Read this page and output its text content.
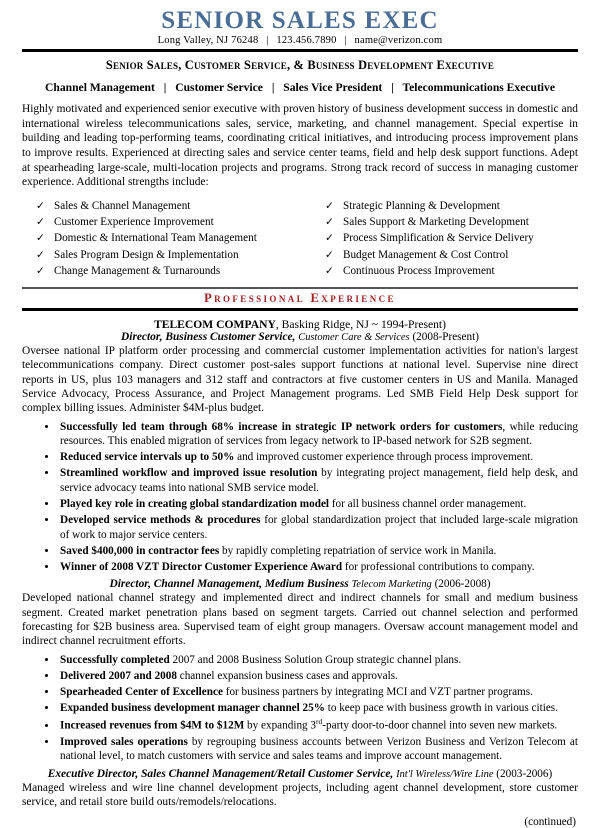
SENIOR SALES EXEC
Long Valley, NJ 76248 | 123.456.7890 | name@verizon.com
Senior Sales, Customer Service, & Business Development Executive
Channel Management | Customer Service | Sales Vice President | Telecommunications Executive
Highly motivated and experienced senior executive with proven history of business development success in domestic and international wireless telecommunications sales, service, marketing, and channel management. Special expertise in building and leading top-performing teams, coordinating critical initiatives, and introducing process improvement plans to improve results. Experienced at directing sales and service center teams, field and help desk support functions. Adept at spearheading large-scale, multi-location projects and programs. Strong track record of success in managing customer experience. Additional strengths include:
✓ Sales & Channel Management
✓ Customer Experience Improvement
✓ Domestic & International Team Management
✓ Sales Program Design & Implementation
✓ Change Management & Turnarounds
✓ Strategic Planning & Development
✓ Sales Support & Marketing Development
✓ Process Simplification & Service Delivery
✓ Budget Management & Cost Control
✓ Continuous Process Improvement
Professional Experience
TELECOM COMPANY, Basking Ridge, NJ ~ 1994-Present)
Director, Business Customer Service, Customer Care & Services (2008-Present)
Oversee national IP platform order processing and commercial customer implementation activities for nation's largest telecommunications company. Direct customer post-sales support functions at national level. Supervise nine direct reports in US, plus 103 managers and 312 staff and contractors at five customer centers in US and Manila. Managed Service Advocacy, Process Assurance, and Project Management programs. Led SMB Field Help Desk support for complex billing issues. Administer $4M-plus budget.
• Successfully led team through 68% increase in strategic IP network orders for customers, while reducing resources. This enabled migration of services from legacy network to IP-based network for S2B segment.
• Reduced service intervals up to 50% and improved customer experience through process improvement.
• Streamlined workflow and improved issue resolution by integrating project management, field help desk, and service advocacy teams into national SMB service model.
• Played key role in creating global standardization model for all business channel order management.
• Developed service methods & procedures for global standardization project that included large-scale migration of work to major service centers.
• Saved $400,000 in contractor fees by rapidly completing repatriation of service work in Manila.
• Winner of 2008 VZT Director Customer Experience Award for professional contributions to company.
Director, Channel Management, Medium Business Telecom Marketing (2006-2008)
Developed national channel strategy and implemented direct and indirect channels for small and medium business segment. Created market penetration plans based on segment targets. Carried out channel selection and performed forecasting for $2B business area. Supervised team of eight group managers. Oversaw account management model and indirect channel recruitment efforts.
• Successfully completed 2007 and 2008 Business Solution Group strategic channel plans.
• Delivered 2007 and 2008 channel expansion business cases and approvals.
• Spearheaded Center of Excellence for business partners by integrating MCI and VZT partner programs.
• Expanded business development manager channel 25% to keep pace with business growth in various cities.
• Increased revenues from $4M to $12M by expanding 3rd-party door-to-door channel into seven new markets.
• Improved sales operations by regrouping business accounts between Verizon Business and Verizon Telecom at national level, to match customers with service and sales teams and improve account management.
Executive Director, Sales Channel Management/Retail Customer Service, Int'l Wireless/Wire Line (2003-2006)
Managed wireless and wire line channel development projects, including agent channel development, store customer service, and retail store build outs/remodels/relocations.
(continued)
